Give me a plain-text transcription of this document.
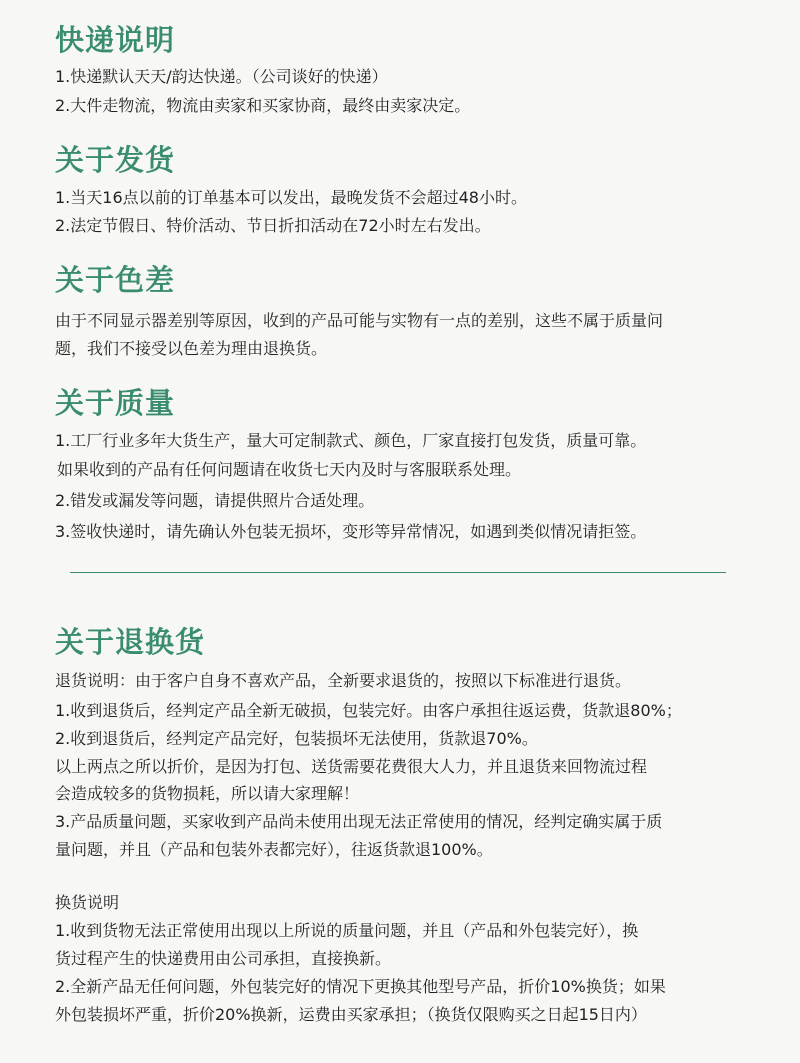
快递说明

1.快递默认天天/韵达快递。（公司谈好的快递）

2.大件走物流，物流由卖家和买家协商，最终由卖家决定。

关于发货

1.当天16点以前的订单基本可以发出，最晚发货不会超过48小时。

2.法定节假日、特价活动、节日折扣活动在72小时左右发出。

关于色差

由于不同显示器差别等原因，收到的产品可能与实物有一点的差别，这些不属于质量问

题，我们不接受以色差为理由退换货。

关于质量

1.工厂行业多年大货生产，量大可定制款式、颜色，厂家直接打包发货，质量可靠。

如果收到的产品有任何问题请在收货七天内及时与客服联系处理。

2.错发或漏发等问题，请提供照片合适处理。

3.签收快递时，请先确认外包装无损坏，变形等异常情况，如遇到类似情况请拒签。

关于退换货

退货说明：由于客户自身不喜欢产品，全新要求退货的，按照以下标准进行退货。

1.收到退货后，经判定产品全新无破损，包装完好。由客户承担往返运费，货款退80%；

2.收到退货后，经判定产品完好，包装损坏无法使用，货款退70%。

以上两点之所以折价，是因为打包、送货需要花费很大人力，并且退货来回物流过程

会造成较多的货物损耗，所以请大家理解！

3.产品质量问题，买家收到产品尚未使用出现无法正常使用的情况，经判定确实属于质

量问题，并且（产品和包装外表都完好），往返货款退100%。

换货说明

1.收到货物无法正常使用出现以上所说的质量问题，并且（产品和外包装完好），换

货过程产生的快递费用由公司承担，直接换新。

2.全新产品无任何问题，外包装完好的情况下更换其他型号产品，折价10%换货；如果

外包装损坏严重，折价20%换新，运费由买家承担；（换货仅限购买之日起15日内）
